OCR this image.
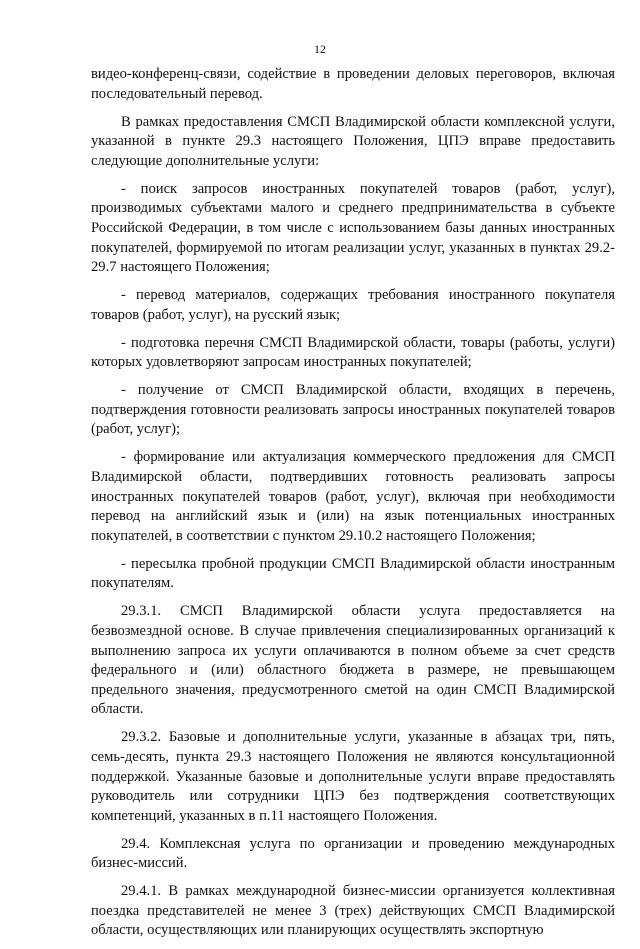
12

видео-конференц-связи, содействие в проведении деловых переговоров, включая последовательный перевод.

В рамках предоставления СМСП Владимирской области комплексной услуги, указанной в пункте 29.3 настоящего Положения, ЦПЭ вправе предоставить следующие дополнительные услуги:

- поиск запросов иностранных покупателей товаров (работ, услуг), производимых субъектами малого и среднего предпринимательства в субъекте Российской Федерации, в том числе с использованием базы данных иностранных покупателей, формируемой по итогам реализации услуг, указанных в пунктах 29.2-29.7 настоящего Положения;

- перевод материалов, содержащих требования иностранного покупателя товаров (работ, услуг), на русский язык;

- подготовка перечня СМСП Владимирской области, товары (работы, услуги) которых удовлетворяют запросам иностранных покупателей;

- получение от СМСП Владимирской области, входящих в перечень, подтверждения готовности реализовать запросы иностранных покупателей товаров (работ, услуг);

- формирование или актуализация коммерческого предложения для СМСП Владимирской области, подтвердивших готовность реализовать запросы иностранных покупателей товаров (работ, услуг), включая при необходимости перевод на английский язык и (или) на язык потенциальных иностранных покупателей, в соответствии с пунктом 29.10.2 настоящего Положения;

- пересылка пробной продукции СМСП Владимирской области иностранным покупателям.

29.3.1. СМСП Владимирской области услуга предоставляется на безвозмездной основе. В случае привлечения специализированных организаций к выполнению запроса их услуги оплачиваются в полном объеме за счет средств федерального и (или) областного бюджета в размере, не превышающем предельного значения, предусмотренного сметой на один СМСП Владимирской области.

29.3.2. Базовые и дополнительные услуги, указанные в абзацах три, пять, семь-десять, пункта 29.3 настоящего Положения не являются консультационной поддержкой. Указанные базовые и дополнительные услуги вправе предоставлять руководитель или сотрудники ЦПЭ без подтверждения соответствующих компетенций, указанных в п.11 настоящего Положения.

29.4. Комплексная услуга по организации и проведению международных бизнес-миссий.

29.4.1. В рамках международной бизнес-миссии организуется коллективная поездка представителей не менее 3 (трех) действующих СМСП Владимирской области, осуществляющих или планирующих осуществлять экспортную
